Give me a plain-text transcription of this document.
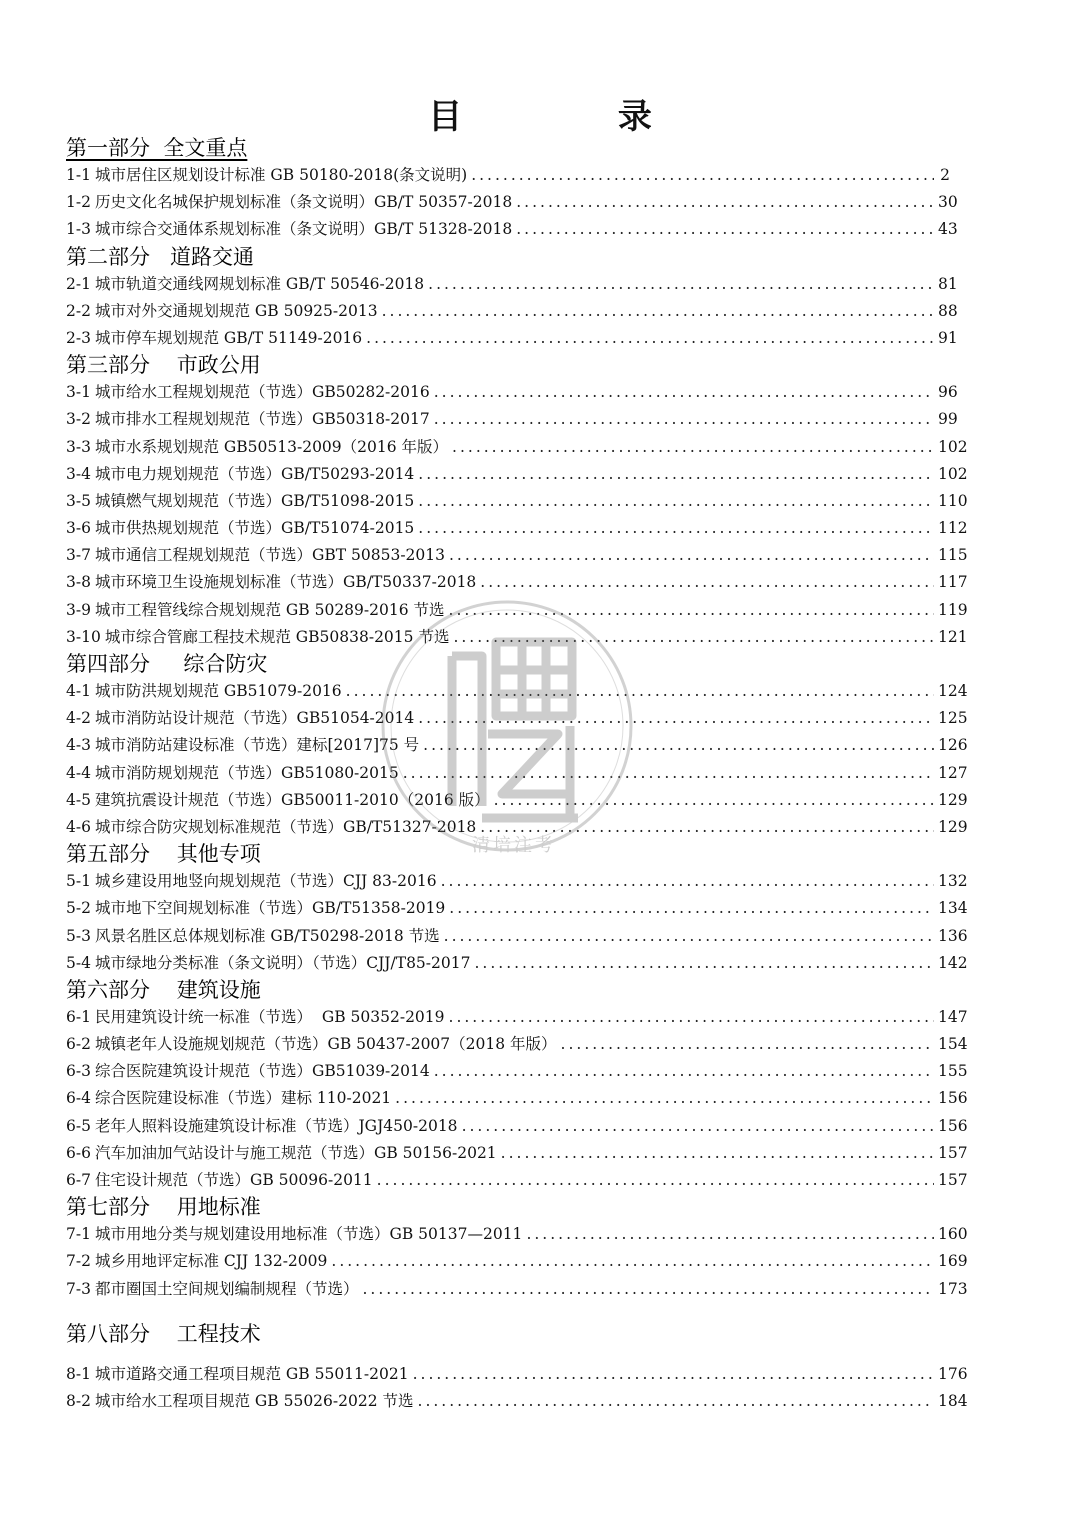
目 录
第一部分  全文重点
1-1 城市居住区规划设计标准 GB 50180-2018(条文说明) .....	2
1-2 历史文化名城保护规划标准（条文说明）GB/T 50357-2018 .....	30
1-3 城市综合交通体系规划标准（条文说明）GB/T 51328-2018 .....	43
第二部分   道路交通
2-1 城市轨道交通线网规划标准 GB/T 50546-2018 .....	81
2-2 城市对外交通规划规范 GB 50925-2013 .....	88
2-3 城市停车规划规范 GB/T 51149-2016 .....	91
第三部分    市政公用
3-1 城市给水工程规划规范（节选）GB50282-2016 .....	96
3-2 城市排水工程规划规范（节选）GB50318-2017 .....	99
3-3 城市水系规划规范 GB50513-2009（2016 年版） .....	102
3-4 城市电力规划规范（节选）GB/T50293-2014 .....	102
3-5 城镇燃气规划规范（节选）GB/T51098-2015 .....	110
3-6 城市供热规划规范（节选）GB/T51074-2015 .....	112
3-7 城市通信工程规划规范（节选）GBT 50853-2013 .....	115
3-8 城市环境卫生设施规划标准（节选）GB/T50337-2018 .....	117
3-9 城市工程管线综合规划规范 GB 50289-2016 节选 .....	119
3-10 城市综合管廊工程技术规范 GB50838-2015 节选 .....	121
第四部分     综合防灾
4-1 城市防洪规划规范 GB51079-2016 .....	124
4-2 城市消防站设计规范（节选）GB51054-2014 .....	125
4-3 城市消防站建设标准（节选）建标[2017]75 号 .....	126
4-4 城市消防规划规范（节选）GB51080-2015 .....	127
4-5 建筑抗震设计规范（节选）GB50011-2010（2016 版） .....	129
4-6 城市综合防灾规划标准规范（节选）GB/T51327-2018 .....	129
第五部分    其他专项
5-1 城乡建设用地竖向规划规范（节选）CJJ 83-2016 .....	132
5-2 城市地下空间规划标准（节选）GB/T51358-2019 .....	134
5-3 风景名胜区总体规划标准 GB/T50298-2018 节选 .....	136
5-4 城市绿地分类标准（条文说明）（节选）CJJ/T85-2017 .....	142
第六部分    建筑设施
6-1 民用建筑设计统一标准（节选）  GB 50352-2019 .....	147
6-2 城镇老年人设施规划规范（节选）GB 50437-2007（2018 年版） .....	154
6-3 综合医院建筑设计规范（节选）GB51039-2014 .....	155
6-4 综合医院建设标准（节选）建标 110-2021 .....	156
6-5 老年人照料设施建筑设计标准（节选）JGJ450-2018 .....	156
6-6 汽车加油加气站设计与施工规范（节选）GB 50156-2021 .....	157
6-7 住宅设计规范（节选）GB 50096-2011 .....	157
第七部分    用地标准
7-1 城市用地分类与规划建设用地标准（节选）GB 50137—2011 .....	160
7-2 城乡用地评定标准 CJJ 132-2009 .....	169
7-3 都市圈国土空间规划编制规程（节选） .....	173
第八部分    工程技术
8-1 城市道路交通工程项目规范 GB 55011-2021 .....	176
8-2 城市给水工程项目规范 GB 55026-2022 节选 .....	184
清培注考
